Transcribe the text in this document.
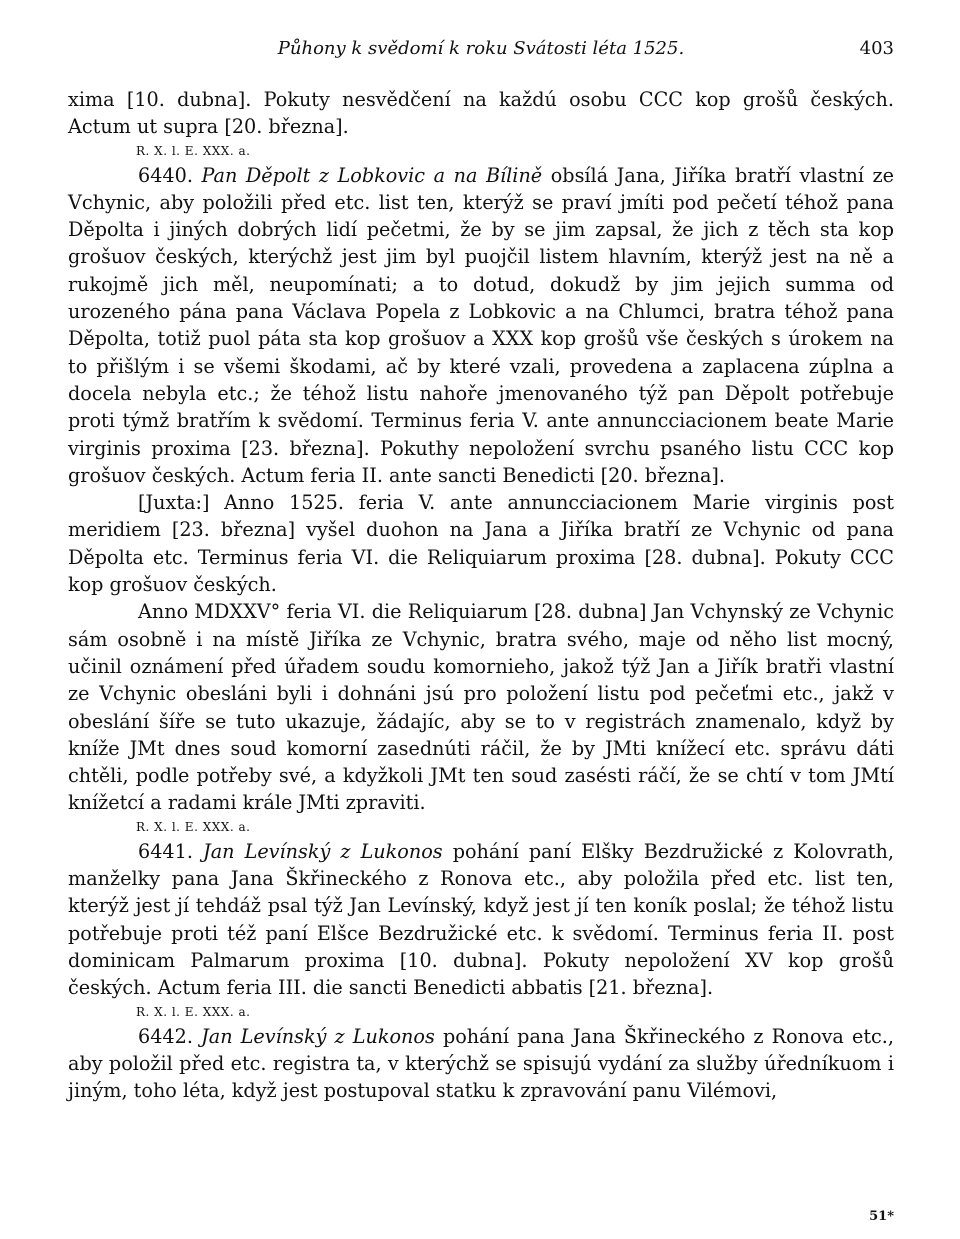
Půhony k svědomí k roku Svátosti léta 1525.	403

xima [10. dubna]. Pokuty nesvědčení na každú osobu CCC kop grošů českých. Actum ut supra [20. března].

R. X. l. E. XXX. a.

6440. Pan Děpolt z Lobkovic a na Bílině obsílá Jana, Jiříka bratří vlastní ze Vchynic, aby položili před etc. list ten, kterýž se praví jmíti pod pečetí téhož pana Děpolta i jiných dobrých lidí pečetmi, že by se jim zapsal, že jich z těch sta kop grošuov českých, kterýchž jest jim byl puojčil listem hlavním, kterýž jest na ně a rukojmě jich měl, neupomínati; a to dotud, dokudž by jim jejich summa od urozeného pána pana Václava Popela z Lobkovic a na Chlumci, bratra téhož pana Děpolta, totiž puol páta sta kop grošuov a XXX kop grošů vše českých s úrokem na to přišlým i se všemi škodami, ač by které vzali, provedena a zaplacena zúplna a docela nebyla etc.; že téhož listu nahoře jmenovaného týž pan Děpolt potřebuje proti týmž bratřím k svědomí. Terminus feria V. ante annuncciacionem beate Marie virginis proxima [23. března]. Pokuthy nepoložení svrchu psaného listu CCC kop grošuov českých. Actum feria II. ante sancti Benedicti [20. března].

[Juxta:] Anno 1525. feria V. ante annuncciacionem Marie virginis post meridiem [23. března] vyšel duohon na Jana a Jiříka bratří ze Vchynic od pana Děpolta etc. Terminus feria VI. die Reliquiarum proxima [28. dubna]. Pokuty CCC kop grošuov českých.

Anno MDXXV° feria VI. die Reliquiarum [28. dubna] Jan Vchynský ze Vchynic sám osobně i na místě Jiříka ze Vchynic, bratra svého, maje od něho list mocný, učinil oznámení před úřadem soudu komornieho, jakož týž Jan a Jiřík bratři vlastní ze Vchynic obesláni byli i dohnáni jsú pro položení listu pod pečeťmi etc., jakž v obeslání šíře se tuto ukazuje, žádajíc, aby se to v registrách znamenalo, když by kníže JMt dnes soud komorní zasednúti ráčil, že by JMti knížecí etc. správu dáti chtěli, podle potřeby své, a kdyžkoli JMt ten soud zasésti ráčí, že se chtí v tom JMtí knížetcí a radami krále JMti zpraviti.

R. X. l. E. XXX. a.

6441. Jan Levínský z Lukonos pohání paní Elšky Bezdružické z Kolovrath, manželky pana Jana Škřineckého z Ronova etc., aby položila před etc. list ten, kterýž jest jí tehdáž psal týž Jan Levínský, když jest jí ten koník poslal; že téhož listu potřebuje proti též paní Elšce Bezdružické etc. k svědomí. Terminus feria II. post dominicam Palmarum proxima [10. dubna]. Pokuty nepoložení XV kop grošů českých. Actum feria III. die sancti Benedicti abbatis [21. března].

R. X. l. E. XXX. a.

6442. Jan Levínský z Lukonos pohání pana Jana Škřineckého z Ronova etc., aby položil před etc. registra ta, v kterýchž se spisujú vydání za služby úředníkuom i jiným, toho léta, když jest postupoval statku k zpravování panu Vilémovi,

51*
